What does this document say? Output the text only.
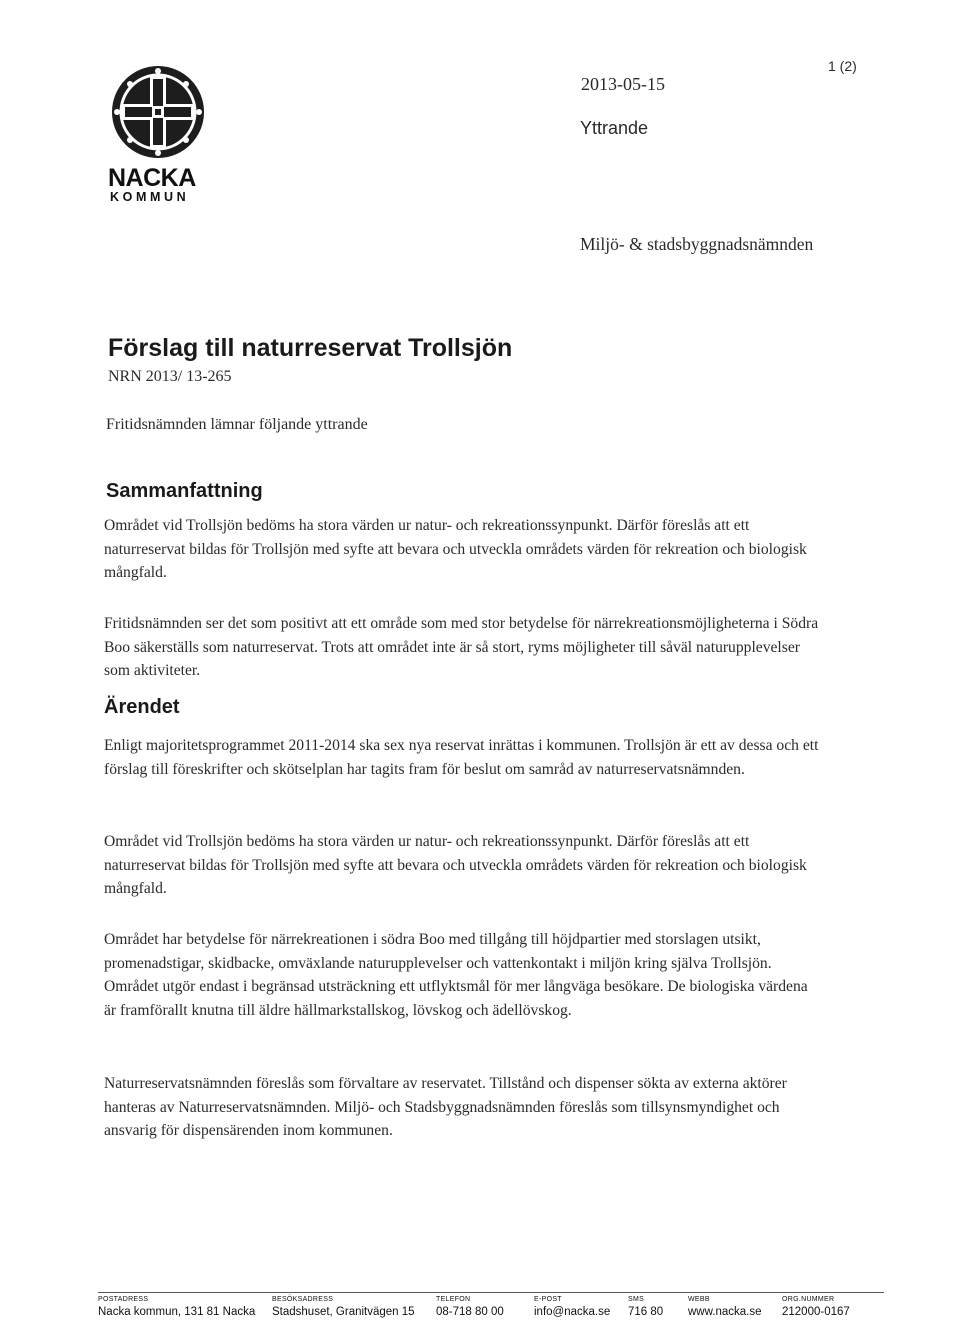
NACKA
KOMMUN
1 (2)
2013-05-15
Yttrande
Miljö- & stadsbyggnadsnämnden
Förslag till naturreservat Trollsjön
NRN 2013/ 13-265
Fritidsnämnden lämnar följande yttrande
Sammanfattning

Området vid Trollsjön bedöms ha stora värden ur natur- och rekreationssynpunkt. Därför föreslås att ett naturreservat bildas för Trollsjön med syfte att bevara och utveckla områdets värden för rekreation och biologisk mångfald.

Fritidsnämnden ser det som positivt att ett område som med stor betydelse för närrekreationsmöjligheterna i Södra Boo säkerställs som naturreservat. Trots att området inte är så stort, ryms möjligheter till såväl naturupplevelser som aktiviteter.

Ärendet

Enligt majoritetsprogrammet 2011-2014 ska sex nya reservat inrättas i kommunen. Trollsjön är ett av dessa och ett förslag till föreskrifter och skötselplan har tagits fram för beslut om samråd av naturreservatsnämnden.

Området vid Trollsjön bedöms ha stora värden ur natur- och rekreationssynpunkt. Därför föreslås att ett naturreservat bildas för Trollsjön med syfte att bevara och utveckla områdets värden för rekreation och biologisk mångfald.

Området har betydelse för närrekreationen i södra Boo med tillgång till höjdpartier med storslagen utsikt, promenadstigar, skidbacke, omväxlande naturupplevelser och vattenkontakt i miljön kring själva Trollsjön. Området utgör endast i begränsad utsträckning ett utflyktsmål för mer långväga besökare. De biologiska värdena är framförallt knutna till äldre hällmarkstallskog, lövskog och ädellövskog.

Naturreservatsnämnden föreslås som förvaltare av reservatet. Tillstånd och dispenser sökta av externa aktörer hanteras av Naturreservatsnämnden. Miljö- och Stadsbyggnadsnämnden föreslås som tillsynsmyndighet och ansvarig för dispensärenden inom kommunen.

POSTADRESS
Nacka kommun, 131 81 Nacka
BESÖKSADRESS
Stadshuset, Granitvägen 15
TELEFON
08-718 80 00
E-POST
info@nacka.se
SMS
716 80
WEBB
www.nacka.se
ORG.NUMMER
212000-0167
